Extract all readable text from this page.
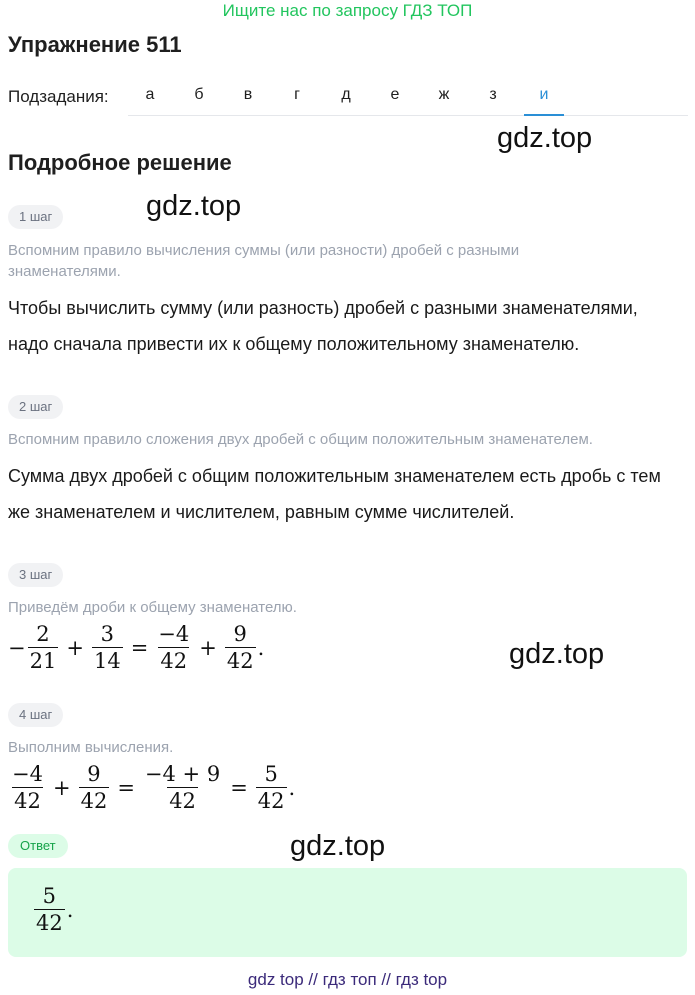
Ищите нас по запросу ГДЗ ТОП
Упражнение 511
Подзадания:	а	б	в	г	д	е	ж	з	и
gdz.top
Подробное решение
gdz.top
1 шаг
Вспомним правило вычисления суммы (или разности) дробей с разными
знаменателями.
Чтобы вычислить сумму (или разность) дробей с разными знаменателями,
надо сначала привести их к общему положительному знаменателю.
2 шаг
Вспомним правило сложения двух дробей с общим положительным знаменателем.
Сумма двух дробей с общим положительным знаменателем есть дробь с тем
же знаменателем и числителем, равным сумме числителей.
3 шаг
Приведём дроби к общему знаменателю.
− $\frac{2}{21} + \frac{3}{14} = \frac{-4}{42} + \frac{9}{42}$ .	gdz.top
4 шаг
Выполним вычисления.
$\frac{-4}{42} + \frac{9}{42} = \frac{-4 + 9}{42} = \frac{5}{42}$ .
gdz.top
Ответ
$\frac{5}{42}$ .
gdz top // гдз топ // гдз top
